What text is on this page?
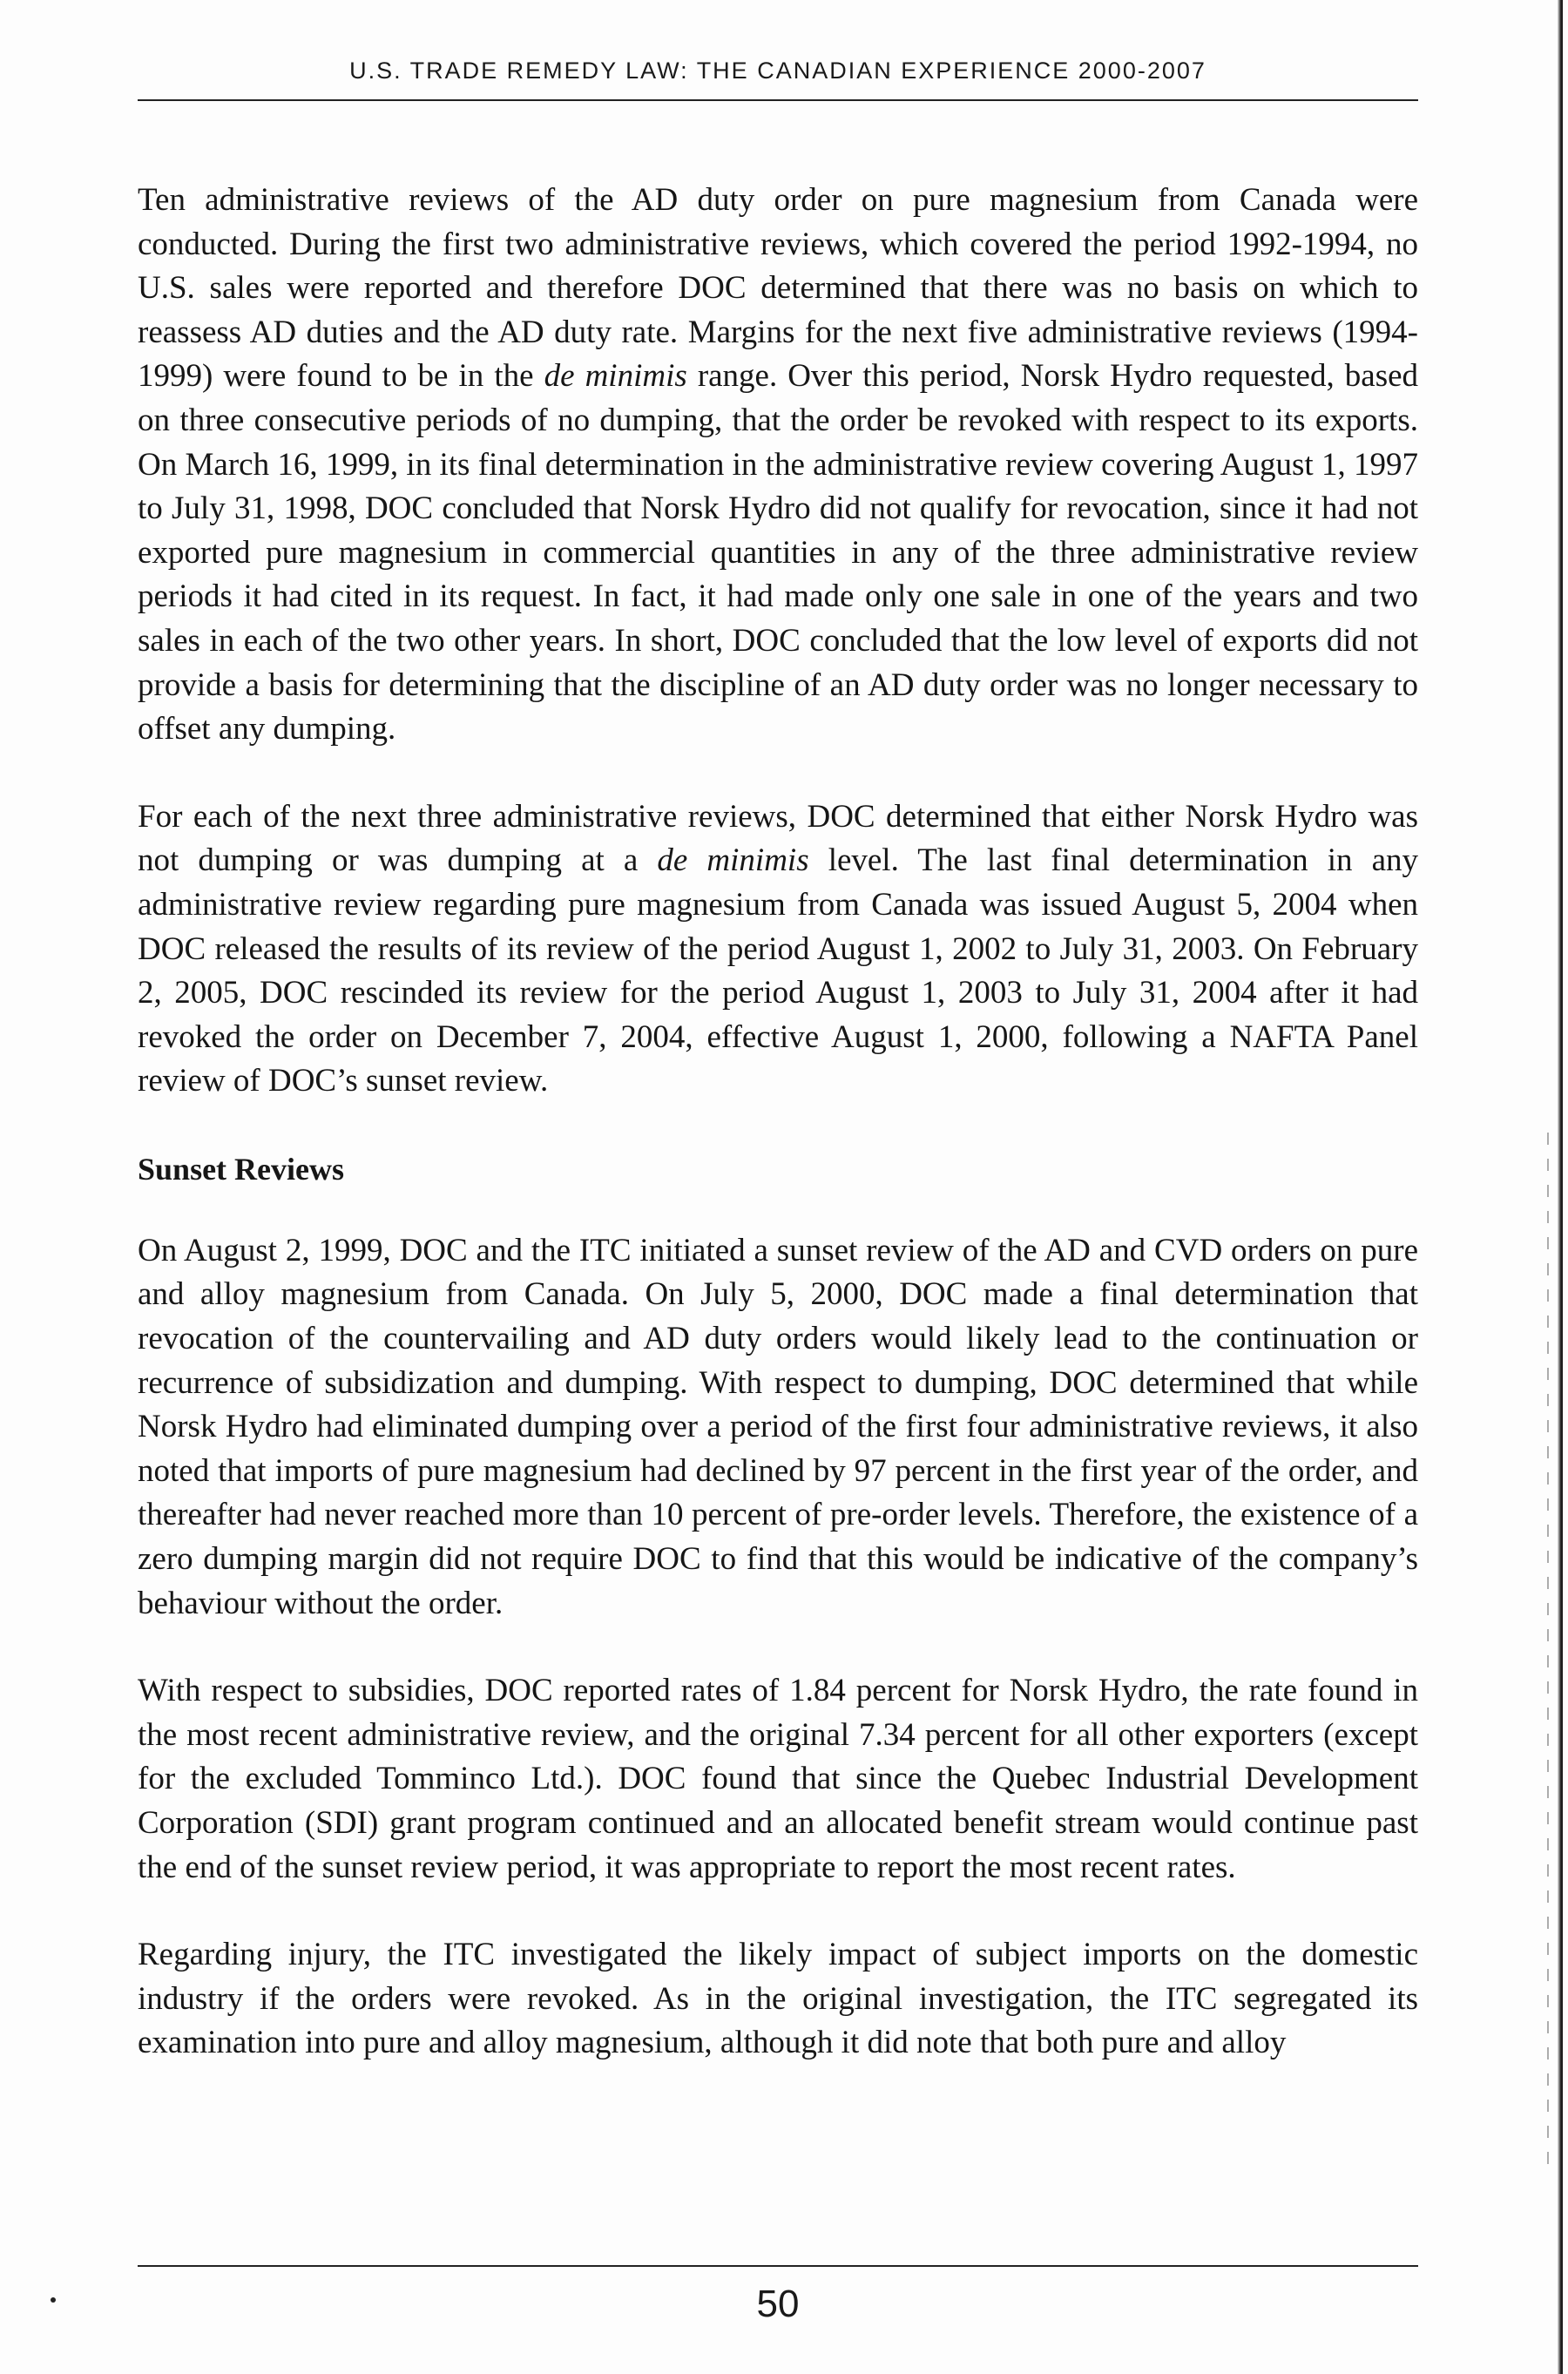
U.S. TRADE REMEDY LAW: THE CANADIAN EXPERIENCE 2000-2007

Ten administrative reviews of the AD duty order on pure magnesium from Canada were conducted. During the first two administrative reviews, which covered the period 1992-1994, no U.S. sales were reported and therefore DOC determined that there was no basis on which to reassess AD duties and the AD duty rate. Margins for the next five administrative reviews (1994-1999) were found to be in the de minimis range. Over this period, Norsk Hydro requested, based on three consecutive periods of no dumping, that the order be revoked with respect to its exports. On March 16, 1999, in its final determination in the administrative review covering August 1, 1997 to July 31, 1998, DOC concluded that Norsk Hydro did not qualify for revocation, since it had not exported pure magnesium in commercial quantities in any of the three administrative review periods it had cited in its request. In fact, it had made only one sale in one of the years and two sales in each of the two other years. In short, DOC concluded that the low level of exports did not provide a basis for determining that the discipline of an AD duty order was no longer necessary to offset any dumping.

For each of the next three administrative reviews, DOC determined that either Norsk Hydro was not dumping or was dumping at a de minimis level. The last final determination in any administrative review regarding pure magnesium from Canada was issued August 5, 2004 when DOC released the results of its review of the period August 1, 2002 to July 31, 2003. On February 2, 2005, DOC rescinded its review for the period August 1, 2003 to July 31, 2004 after it had revoked the order on December 7, 2004, effective August 1, 2000, following a NAFTA Panel review of DOC’s sunset review.

Sunset Reviews

On August 2, 1999, DOC and the ITC initiated a sunset review of the AD and CVD orders on pure and alloy magnesium from Canada. On July 5, 2000, DOC made a final determination that revocation of the countervailing and AD duty orders would likely lead to the continuation or recurrence of subsidization and dumping. With respect to dumping, DOC determined that while Norsk Hydro had eliminated dumping over a period of the first four administrative reviews, it also noted that imports of pure magnesium had declined by 97 percent in the first year of the order, and thereafter had never reached more than 10 percent of pre-order levels. Therefore, the existence of a zero dumping margin did not require DOC to find that this would be indicative of the company’s behaviour without the order.

With respect to subsidies, DOC reported rates of 1.84 percent for Norsk Hydro, the rate found in the most recent administrative review, and the original 7.34 percent for all other exporters (except for the excluded Tomminco Ltd.). DOC found that since the Quebec Industrial Development Corporation (SDI) grant program continued and an allocated benefit stream would continue past the end of the sunset review period, it was appropriate to report the most recent rates.

Regarding injury, the ITC investigated the likely impact of subject imports on the domestic industry if the orders were revoked. As in the original investigation, the ITC segregated its examination into pure and alloy magnesium, although it did note that both pure and alloy

50
